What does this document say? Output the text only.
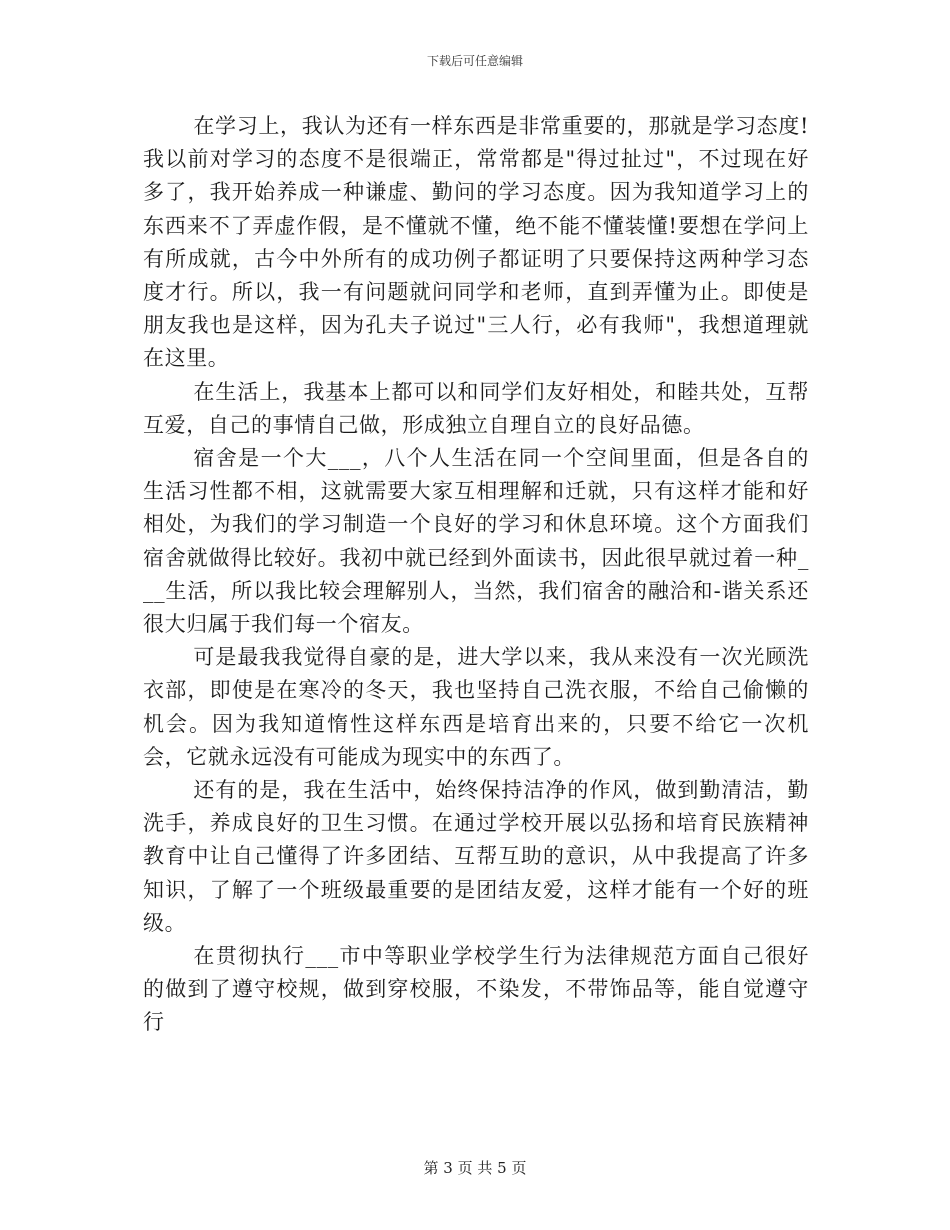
下载后可任意编辑

在学习上，我认为还有一样东西是非常重要的，那就是学习态度!我以前对学习的态度不是很端正，常常都是"得过扯过"，不过现在好多了，我开始养成一种谦虚、勤问的学习态度。因为我知道学习上的东西来不了弄虚作假，是不懂就不懂，绝不能不懂装懂!要想在学问上有所成就，古今中外所有的成功例子都证明了只要保持这两种学习态度才行。所以，我一有问题就问同学和老师，直到弄懂为止。即使是朋友我也是这样，因为孔夫子说过"三人行，必有我师"，我想道理就在这里。

在生活上，我基本上都可以和同学们友好相处，和睦共处，互帮互爱，自己的事情自己做，形成独立自理自立的良好品德。

宿舍是一个大___，八个人生活在同一个空间里面，但是各自的生活习性都不相，这就需要大家互相理解和迁就，只有这样才能和好相处，为我们的学习制造一个良好的学习和休息环境。这个方面我们宿舍就做得比较好。我初中就已经到外面读书，因此很早就过着一种___生活，所以我比较会理解别人，当然，我们宿舍的融洽和-谐关系还很大归属于我们每一个宿友。

可是最我我觉得自豪的是，进大学以来，我从来没有一次光顾洗衣部，即使是在寒冷的冬天，我也坚持自己洗衣服，不给自己偷懒的机会。因为我知道惰性这样东西是培育出来的，只要不给它一次机会，它就永远没有可能成为现实中的东西了。

还有的是，我在生活中，始终保持洁净的作风，做到勤清洁，勤洗手，养成良好的卫生习惯。在通过学校开展以弘扬和培育民族精神教育中让自己懂得了许多团结、互帮互助的意识，从中我提高了许多知识，了解了一个班级最重要的是团结友爱，这样才能有一个好的班级。

在贯彻执行___市中等职业学校学生行为法律规范方面自己很好的做到了遵守校规，做到穿校服，不染发，不带饰品等，能自觉遵守行

第 3 页 共 5 页
